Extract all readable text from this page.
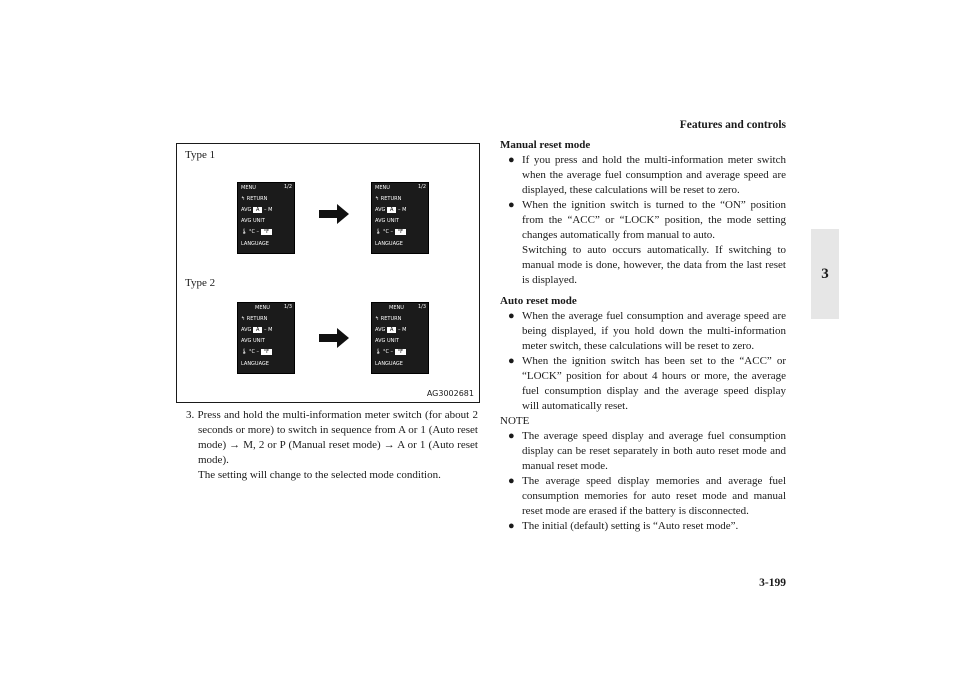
Features and controls
3
Type 1
Type 2
MENU	1/2
↰ RETURN
AVG A – M
AVG UNIT
🌡 °C – °F
LANGUAGE
MENU	1/2
↰ RETURN
AVG A – M
AVG UNIT
🌡 °C – °F
LANGUAGE
MENU	1/3
↰ RETURN
AVG A – M
AVG UNIT
🌡 °C – °F
LANGUAGE
MENU	1/3
↰ RETURN
AVG A – M
AVG UNIT
🌡 °C – °F
LANGUAGE
AG3002681

3. Press and hold the multi-information meter switch (for about 2 seconds or more) to switch in sequence from A or 1 (Auto reset mode) → M, 2 or P (Manual reset mode) → A or 1 (Auto reset mode).

The setting will change to the selected mode condition.

Manual reset mode

● If you press and hold the multi-information meter switch when the average fuel consumption and average speed are displayed, these calculations will be reset to zero.

● When the ignition switch is turned to the “ON” position from the “ACC” or “LOCK” position, the mode setting changes automatically from manual to auto.

Switching to auto occurs automatically. If switching to manual mode is done, however, the data from the last reset is displayed.

Auto reset mode

● When the average fuel consumption and average speed are being displayed, if you hold down the multi-information meter switch, these calculations will be reset to zero.

● When the ignition switch has been set to the “ACC” or “LOCK” position for about 4 hours or more, the average fuel consumption display and the average speed display will automatically reset.

NOTE

● The average speed display and average fuel consumption display can be reset separately in both auto reset mode and manual reset mode.

● The average speed display memories and average fuel consumption memories for auto reset mode and manual reset mode are erased if the battery is disconnected.

● The initial (default) setting is “Auto reset mode”.

3-199
